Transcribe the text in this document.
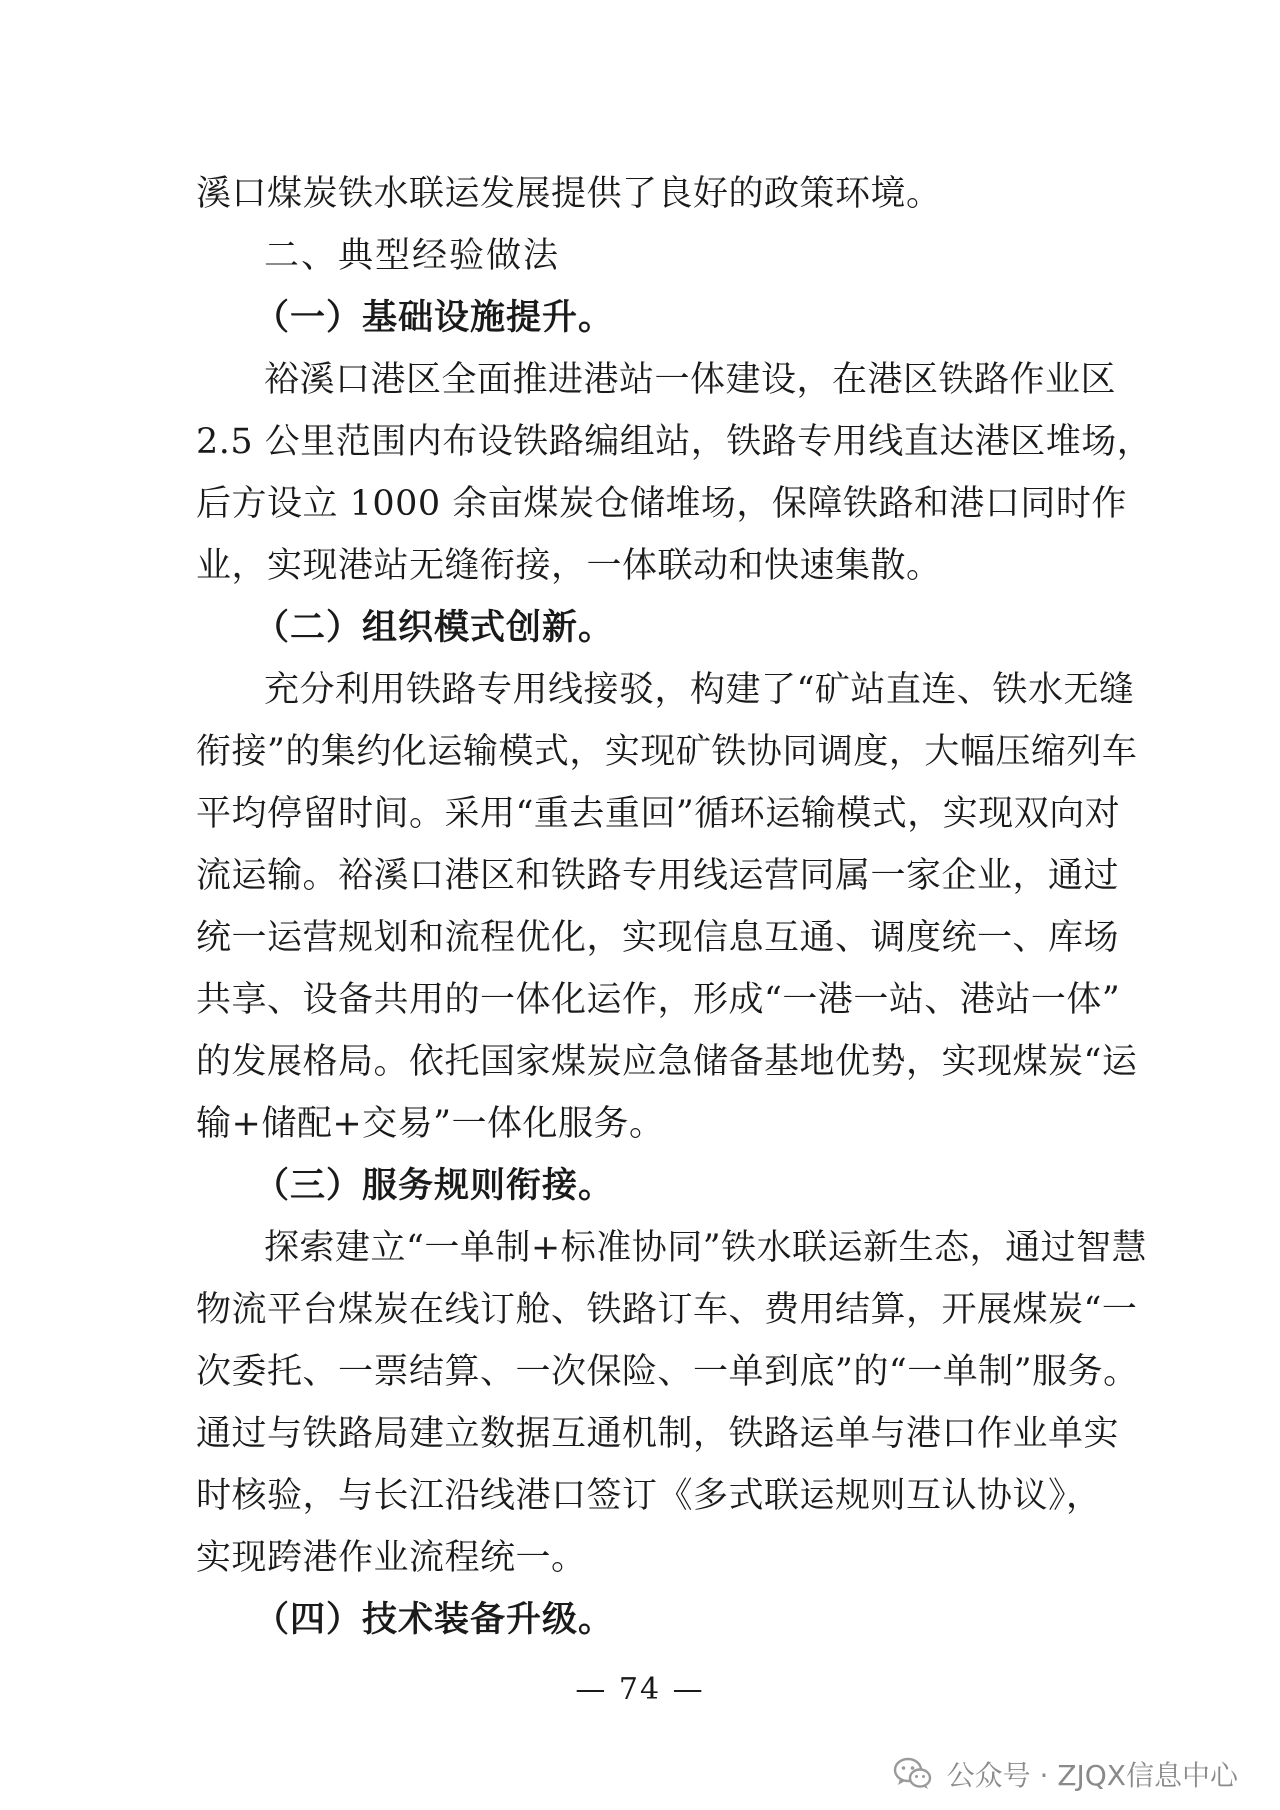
溪口煤炭铁水联运发展提供了良好的政策环境。
二、典型经验做法
（一）基础设施提升。
裕溪口港区全面推进港站一体建设，在港区铁路作业区
2.5 公里范围内布设铁路编组站，铁路专用线直达港区堆场，
后方设立 1000 余亩煤炭仓储堆场，保障铁路和港口同时作
业，实现港站无缝衔接，一体联动和快速集散。
（二）组织模式创新。
充分利用铁路专用线接驳，构建了“矿站直连、铁水无缝
衔接”的集约化运输模式，实现矿铁协同调度，大幅压缩列车
平均停留时间。采用“重去重回”循环运输模式，实现双向对
流运输。裕溪口港区和铁路专用线运营同属一家企业，通过
统一运营规划和流程优化，实现信息互通、调度统一、库场
共享、设备共用的一体化运作，形成“一港一站、港站一体”
的发展格局。依托国家煤炭应急储备基地优势，实现煤炭“运
输+储配+交易”一体化服务。
（三）服务规则衔接。
探索建立“一单制+标准协同”铁水联运新生态，通过智慧
物流平台煤炭在线订舱、铁路订车、费用结算，开展煤炭“一
次委托、一票结算、一次保险、一单到底”的“一单制”服务。
通过与铁路局建立数据互通机制，铁路运单与港口作业单实
时核验，与长江沿线港口签订《多式联运规则互认协议》，
实现跨港作业流程统一。
（四）技术装备升级。
— 74 —
公众号 · ZJQX信息中心
